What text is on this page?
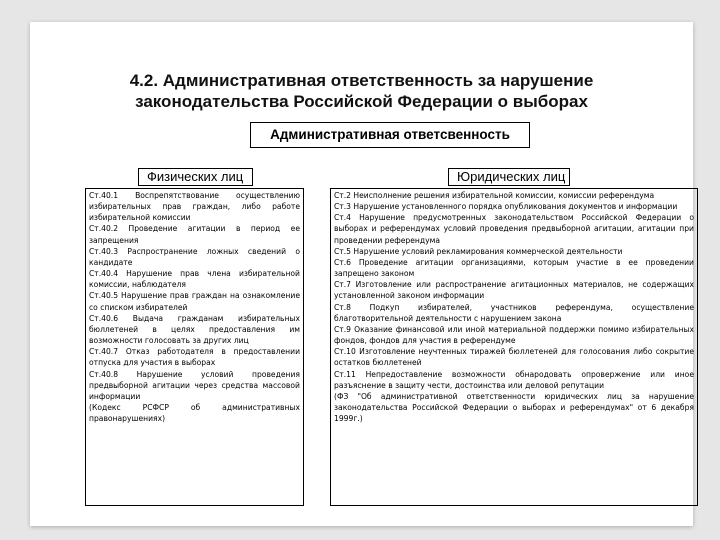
4.2. Административная ответственность за нарушение
законодательства Российской Федерации о выборах
Административная ответсвенность
Физических лиц	Юридических лиц

Ст.40.1 Воспрепятствование осуществлению избирательных прав граждан, либо работе избирательной комиссии

Ст.40.2 Проведение агитации в период ее запрещения

Ст.40.3 Распространение ложных сведений о кандидате

Ст.40.4 Нарушение прав члена избирательной комиссии, наблюдателя

Ст.40.5 Нарушение прав граждан на ознакомление со списком избирателей

Ст.40.6 Выдача гражданам избирательных бюллетеней в целях предоставления им возможности голосовать за других лиц

Ст.40.7 Отказ работодателя в предоставлении отпуска для участия в выборах

Ст.40.8 Нарушение условий проведения предвыборной агитации через средства массовой информации

(Кодекс РСФСР об административных правонарушениях)

Ст.2 Неисполнение решения избирательной комиссии, комиссии референдума

Ст.3 Нарушение установленного порядка опубликования документов и информации

Ст.4 Нарушение предусмотренных законодательством Российской Федерации о выборах и референдумах условий проведения предвыборной агитации, агитации при проведении референдума

Ст.5 Нарушение условий рекламирования коммерческой деятельности

Ст.6 Проведение агитации организациями, которым участие в ее проведении запрещено законом

Ст.7 Изготовление или распространение агитационных материалов, не содержащих установленной законом информации

Ст.8 Подкуп избирателей, участников референдума, осуществление благотворительной деятельности с нарушением закона

Ст.9 Оказание финансовой или иной материальной поддержки помимо избирательных фондов, фондов для участия в референдуме

Ст.10 Изготовление неучтенных тиражей бюллетеней для голосования либо сокрытие остатков бюллетеней

Ст.11 Непредоставление возможности обнародовать опровержение или иное разъяснение в защиту чести, достоинства или деловой репутации

(ФЗ "Об административной ответственности юридических лиц за нарушение законодательства Российской Федерации о выборах и референдумах" от 6 декабря 1999г.)
